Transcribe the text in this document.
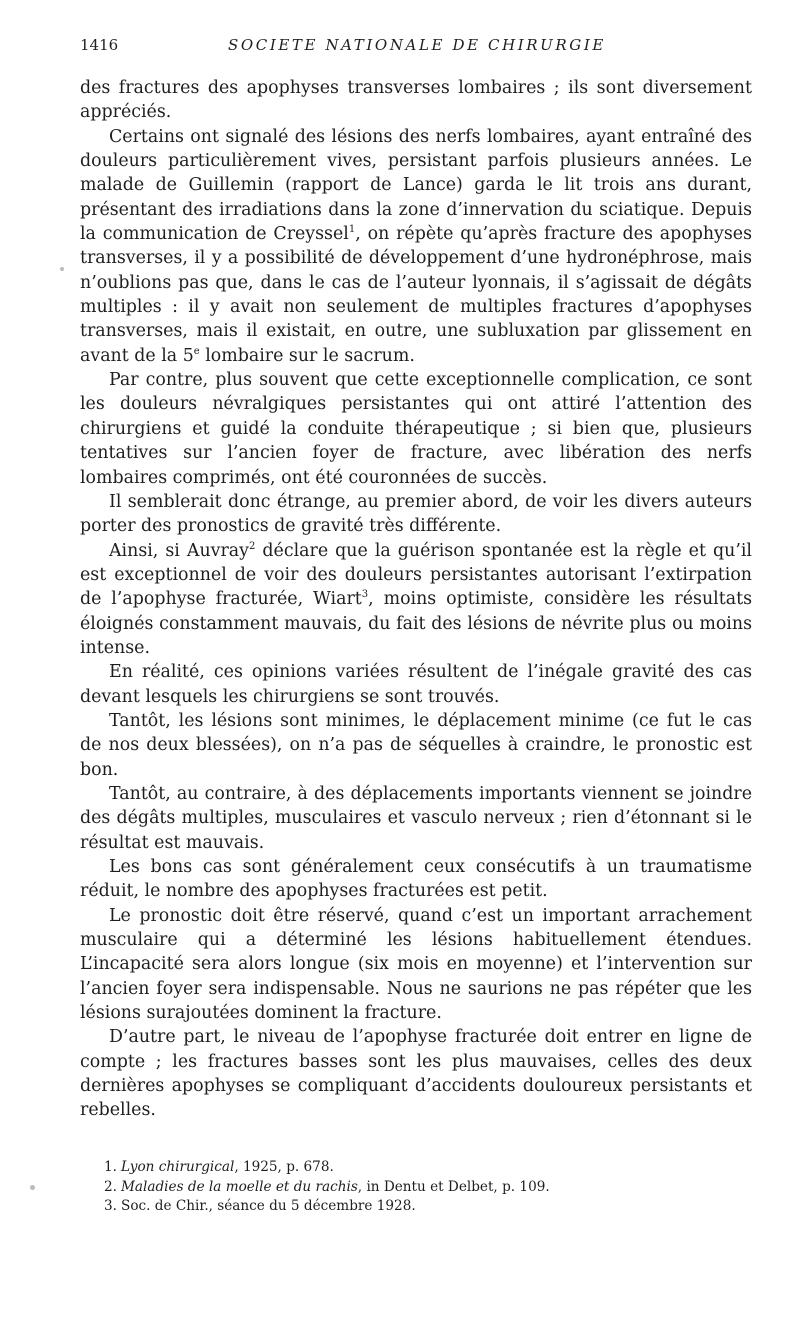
1416	SOCIETE NATIONALE DE CHIRURGIE

des fractures des apophyses transverses lombaires ; ils sont diversement appréciés.

Certains ont signalé des lésions des nerfs lombaires, ayant entraîné des douleurs particulièrement vives, persistant parfois plusieurs années. Le malade de Guillemin (rapport de Lance) garda le lit trois ans durant, présentant des irradiations dans la zone d’innervation du sciatique. Depuis la communication de Creyssel$^1$, on répète qu’après fracture des apophyses transverses, il y a possibilité de développement d’une hydronéphrose, mais n’oublions pas que, dans le cas de l’auteur lyonnais, il s’agissait de dégâts multiples : il y avait non seulement de multiples fractures d’apophyses transverses, mais il existait, en outre, une subluxation par glissement en avant de la 5e lombaire sur le sacrum.

Par contre, plus souvent que cette exceptionnelle complication, ce sont les douleurs névralgiques persistantes qui ont attiré l’attention des chirurgiens et guidé la conduite thérapeutique ; si bien que, plusieurs tentatives sur l’ancien foyer de fracture, avec libération des nerfs lombaires comprimés, ont été couronnées de succès.

Il semblerait donc étrange, au premier abord, de voir les divers auteurs porter des pronostics de gravité très différente.

Ainsi, si Auvray$^2$ déclare que la guérison spontanée est la règle et qu’il est exceptionnel de voir des douleurs persistantes autorisant l’extirpation de l’apophyse fracturée, Wiart$^3$, moins optimiste, considère les résultats éloignés constamment mauvais, du fait des lésions de névrite plus ou moins intense.

En réalité, ces opinions variées résultent de l’inégale gravité des cas devant lesquels les chirurgiens se sont trouvés.

Tantôt, les lésions sont minimes, le déplacement minime (ce fut le cas de nos deux blessées), on n’a pas de séquelles à craindre, le pronostic est bon.

Tantôt, au contraire, à des déplacements importants viennent se joindre des dégâts multiples, musculaires et vasculo nerveux ; rien d’étonnant si le résultat est mauvais.

Les bons cas sont généralement ceux consécutifs à un traumatisme réduit, le nombre des apophyses fracturées est petit.

Le pronostic doit être réservé, quand c’est un important arrachement musculaire qui a déterminé les lésions habituellement étendues. L’incapacité sera alors longue (six mois en moyenne) et l’intervention sur l’ancien foyer sera indispensable. Nous ne saurions ne pas répéter que les lésions surajoutées dominent la fracture.

D’autre part, le niveau de l’apophyse fracturée doit entrer en ligne de compte ; les fractures basses sont les plus mauvaises, celles des deux dernières apophyses se compliquant d’accidents douloureux persistants et rebelles.

1. Lyon chirurgical, 1925, p. 678.
2. Maladies de la moelle et du rachis, in Dentu et Delbet, p. 109.
3. Soc. de Chir., séance du 5 décembre 1928.
